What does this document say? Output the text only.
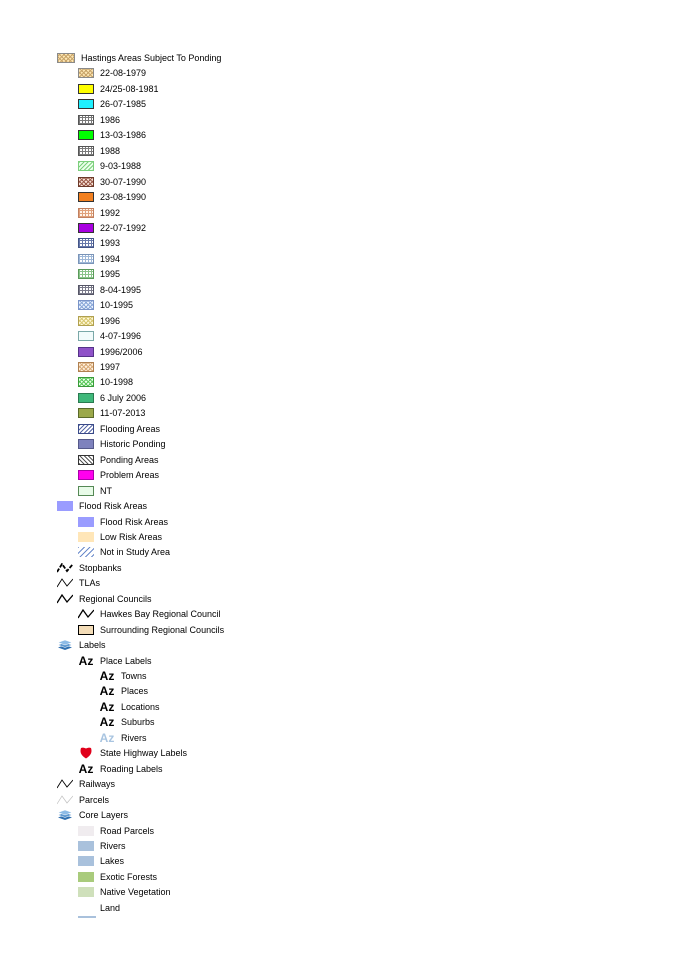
Hastings Areas Subject To Ponding
22-08-1979
24/25-08-1981
26-07-1985
1986
13-03-1986
1988
9-03-1988
30-07-1990
23-08-1990
1992
22-07-1992
1993
1994
1995
8-04-1995
10-1995
1996
4-07-1996
1996/2006
1997
10-1998
6 July 2006
11-07-2013
Flooding Areas
Historic Ponding
Ponding Areas
Problem Areas
NT
Flood Risk Areas
Flood Risk Areas
Low Risk Areas
Not in Study Area
Stopbanks
TLAs
Regional Councils
Hawkes Bay Regional Council
Surrounding Regional Councils
Labels
Az Place Labels
Az Towns
Az Places
Az Locations
Az Suburbs
Az Rivers
State Highway Labels
Az Roading Labels
Railways
Parcels
Core Layers
Road Parcels
Rivers
Lakes
Exotic Forests
Native Vegetation
Land
